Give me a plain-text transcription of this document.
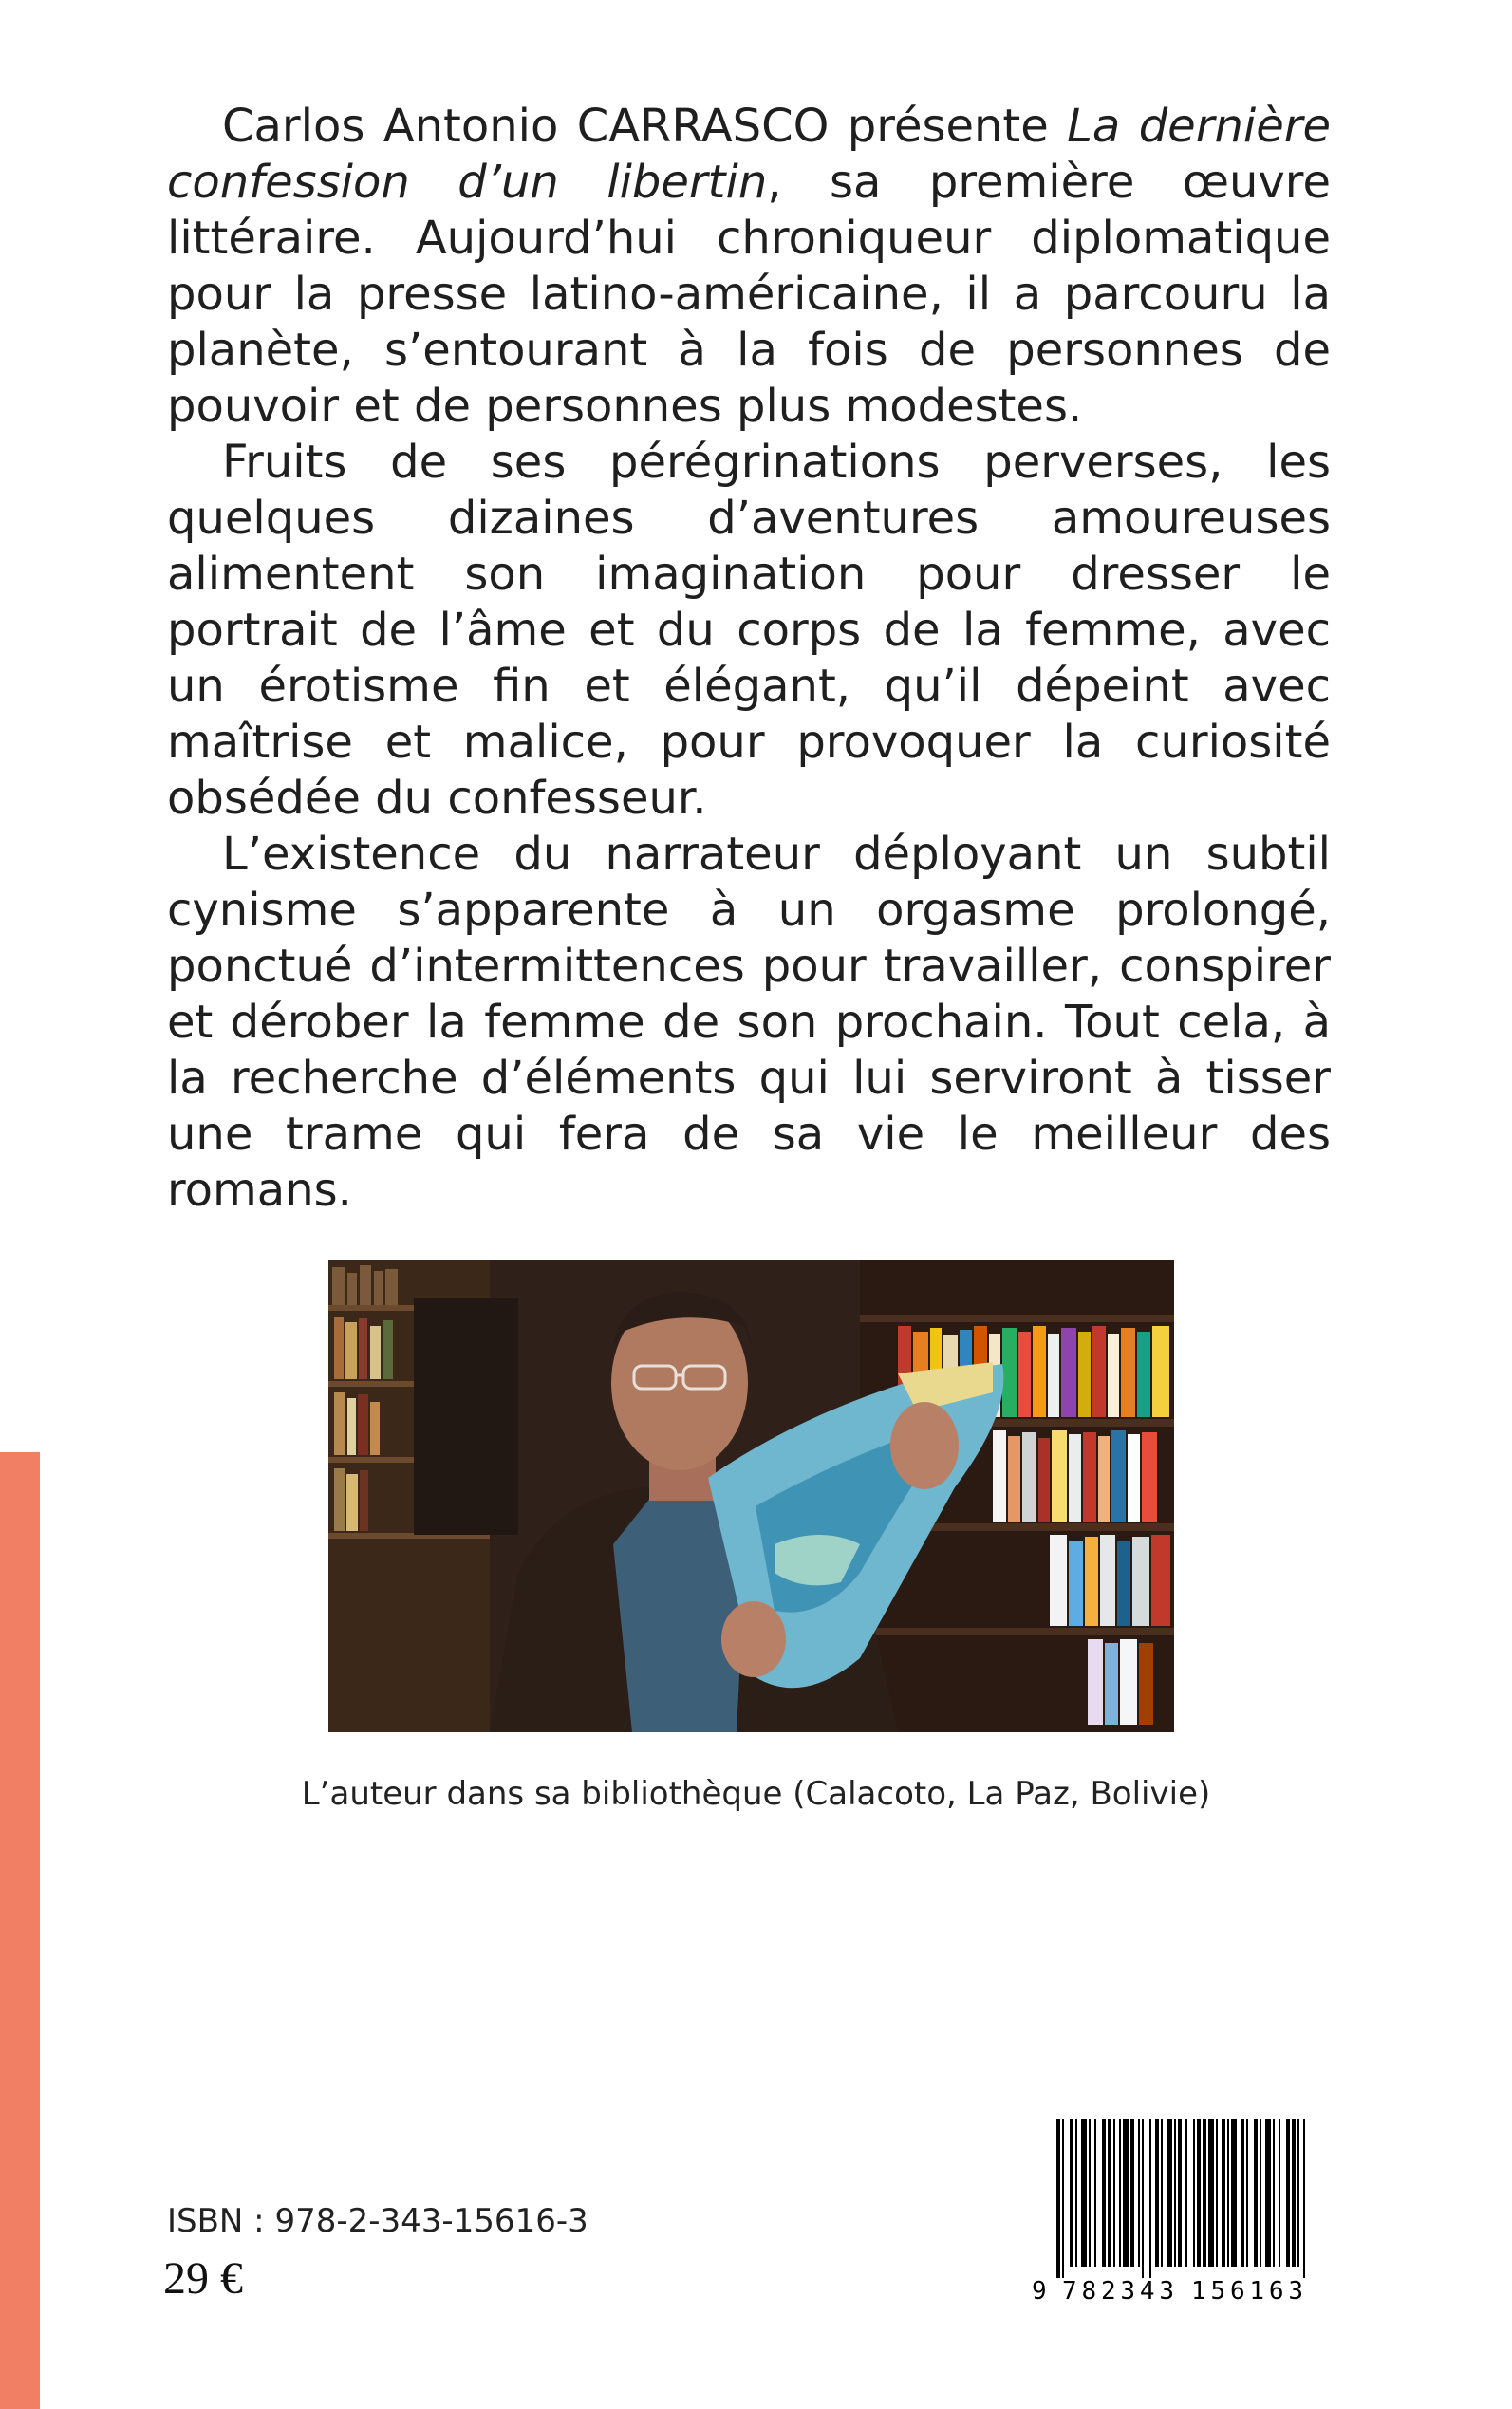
Carlos Antonio CARRASCO présente La dernière confession d’un libertin, sa première œuvre littéraire. Aujourd’hui chroniqueur diplomatique pour la presse latino-américaine, il a parcouru la planète, s’entourant à la fois de personnes de pouvoir et de personnes plus modestes.

Fruits de ses pérégrinations perverses, les quelques dizaines d’aventures amoureuses alimentent son imagination pour dresser le portrait de l’âme et du corps de la femme, avec un érotisme fin et élégant, qu’il dépeint avec maîtrise et malice, pour provoquer la curiosité obsédée du confesseur.

L’existence du narrateur déployant un subtil cynisme s’apparente à un orgasme prolongé, ponctué d’intermittences pour travailler, conspirer et dérober la femme de son prochain. Tout cela, à la recherche d’éléments qui lui serviront à tisser une trame qui fera de sa vie le meilleur des romans.

L’auteur dans sa bibliothèque (Calacoto, La Paz, Bolivie)
ISBN : 978-2-343-15616-3
29 €	9 782343 156163
